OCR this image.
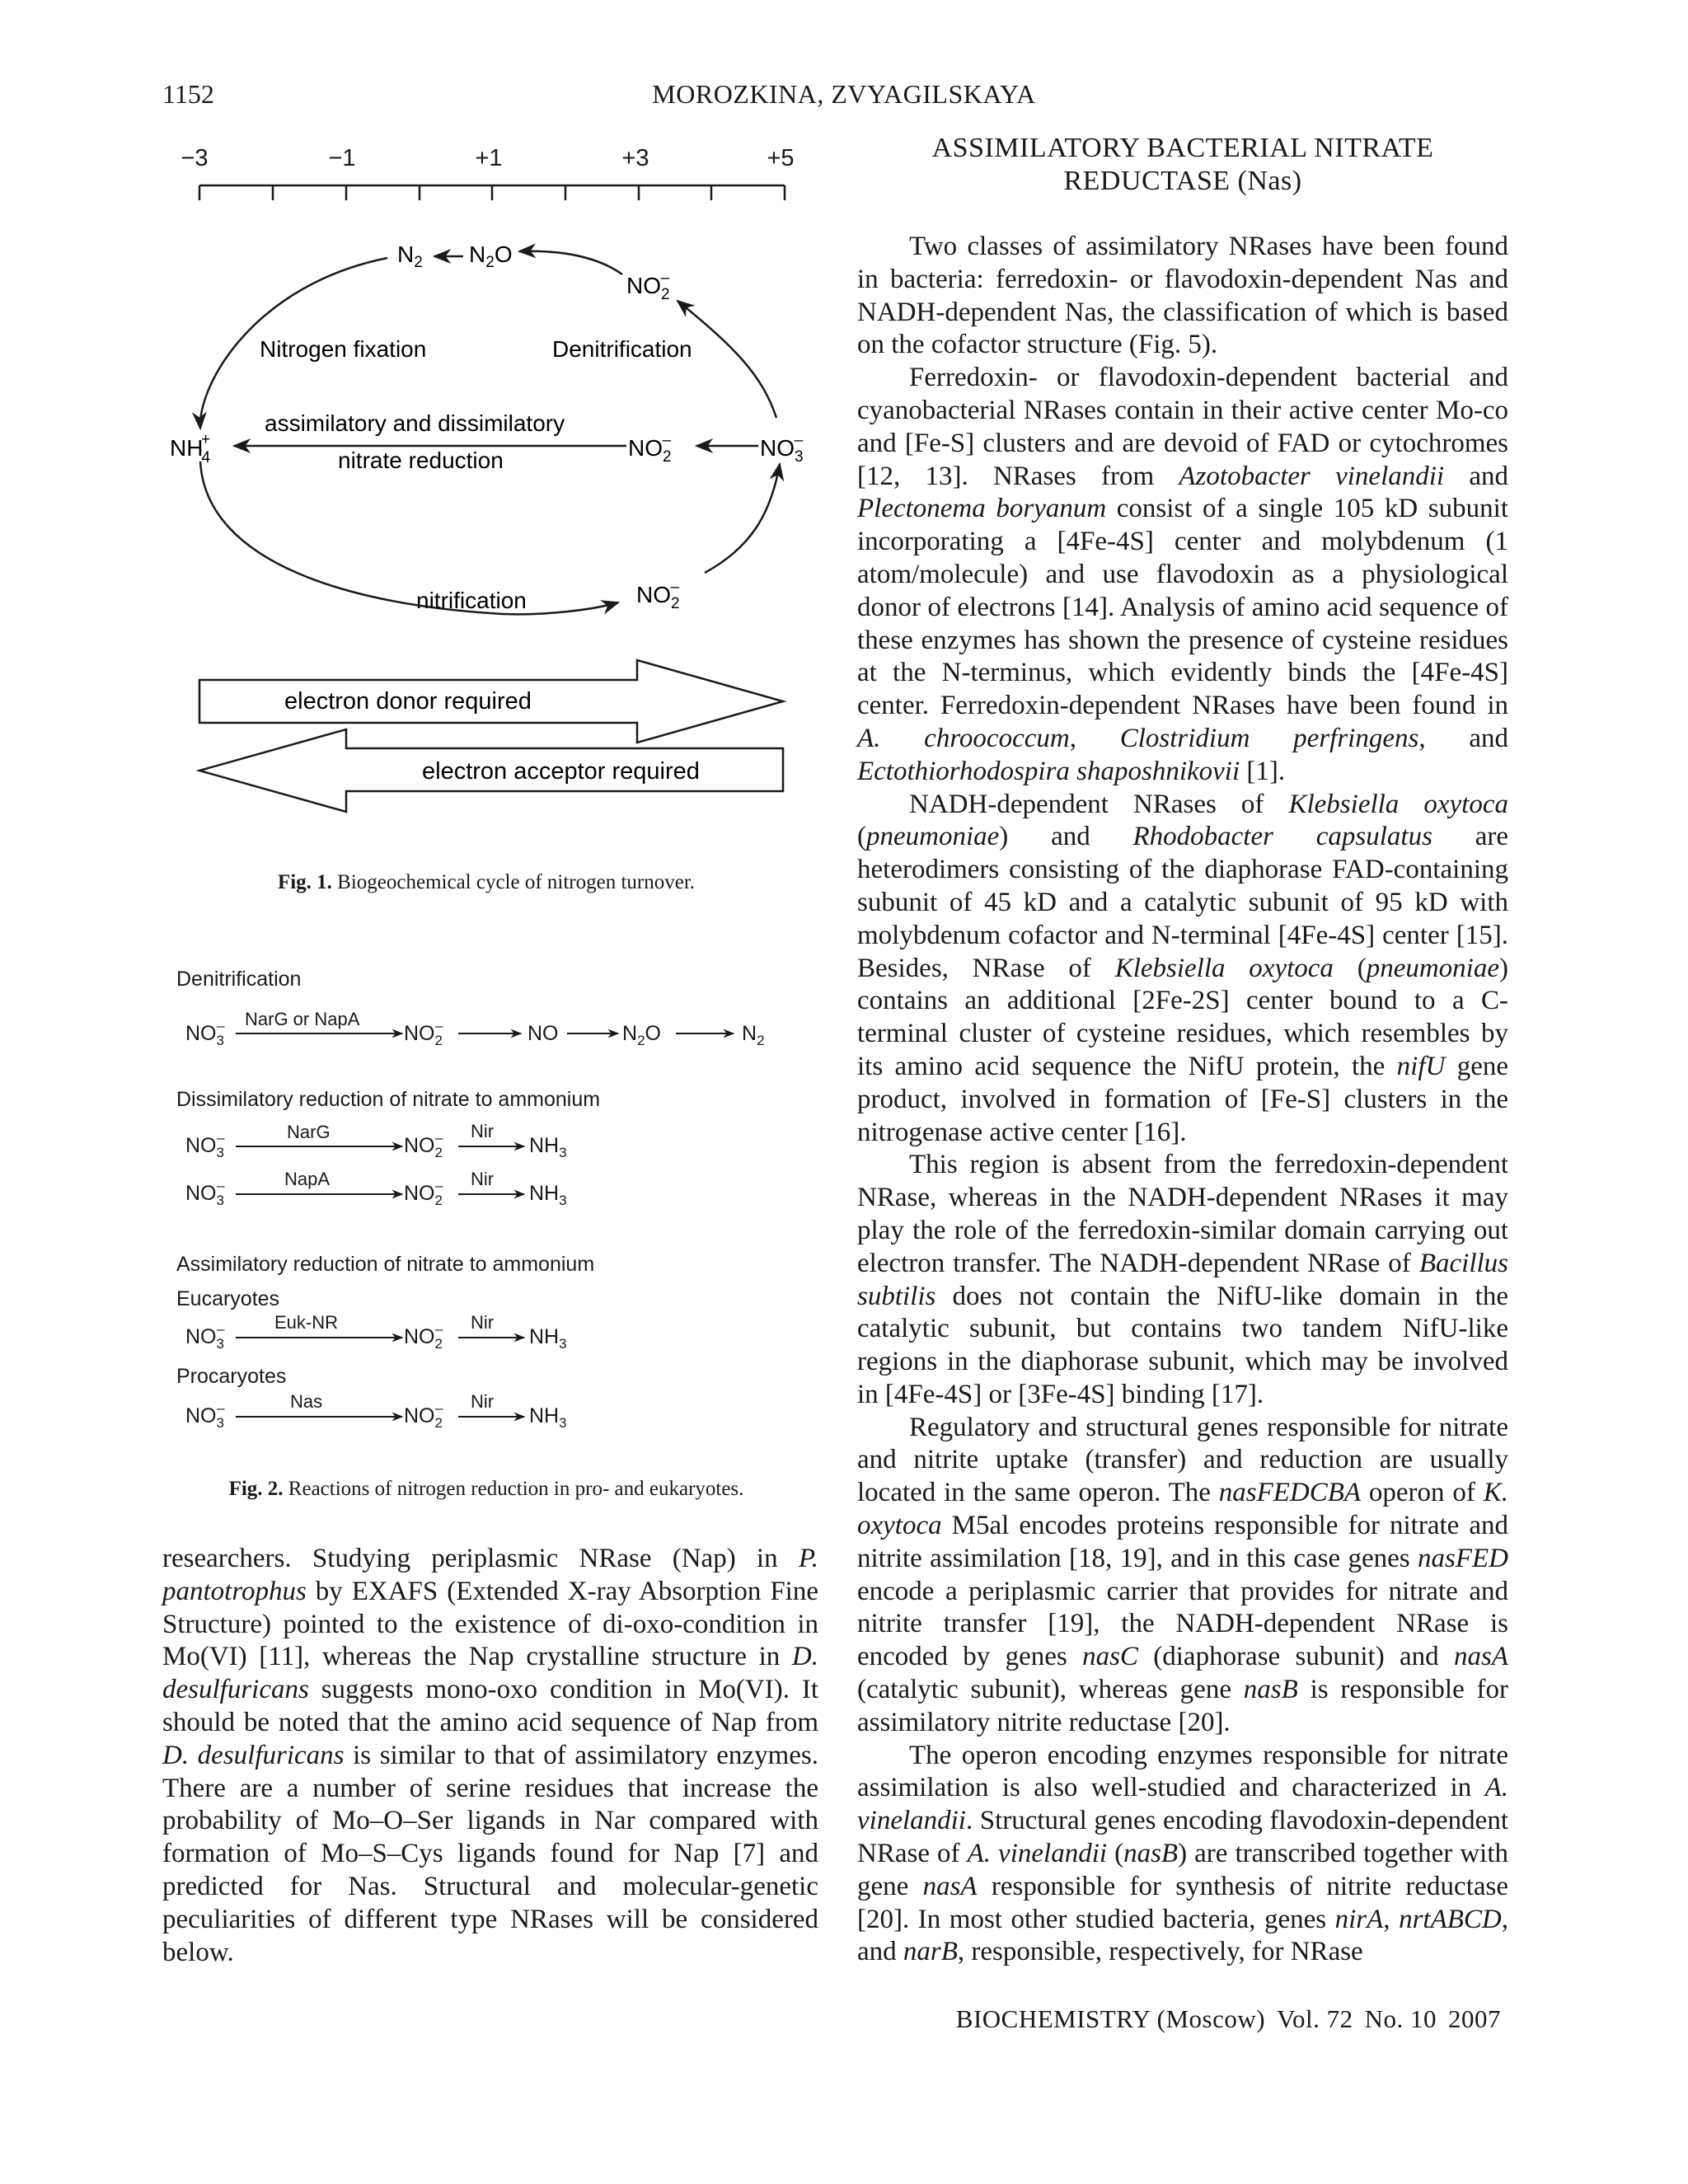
1152	MOROZKINA, ZVYAGILSKAYA
−3	−1	+1	+3	+5
$N_2$ $N_2O$
$NO_2-$
Nitrogen fixation	Denitrification
NH4+
assimilatory and dissimilatory
nitrate reduction	$NO_2-$	$NO_3-$
nitrification	$NO_2-$
electron donor required
electron acceptor required
Fig. 1. Biogeochemical cycle of nitrogen turnover.
Denitrification
$NO_3-$ NarG or NapA
$NO_2-$	NO	$N_2O$	$N_2$
Dissimilatory reduction of nitrate to ammonium
$NO_3-$	NarG
$NO_2-$ Nir
$NH_3$
$NO_3-$	NapA
$NO_2-$ Nir
$NH_3$
Assimilatory reduction of nitrate to ammonium
Eucaryotes
$NO_3-$	Euk-NR
$NO_2-$ Nir
$NH_3$
Procaryotes
$NO_3-$	Nas
$NO_2-$ Nir
$NH_3$
Fig. 2. Reactions of nitrogen reduction in pro- and eukaryotes.

researchers. Studying periplasmic NRase (Nap) in P. pantotrophus by EXAFS (Extended X-ray Absorption Fine Structure) pointed to the existence of di-oxo-condition in Mo(VI) [11], whereas the Nap crystalline structure in D. desulfuricans suggests mono-oxo condition in Mo(VI). It should be noted that the amino acid sequence of Nap from D. desulfuricans is similar to that of assimilatory enzymes. There are a number of serine residues that increase the probability of Mo–O–Ser ligands in Nar compared with formation of Mo–S–Cys ligands found for Nap [7] and predicted for Nas. Structural and molecular-genetic peculiarities of different type NRases will be considered below.

ASSIMILATORY BACTERIAL NITRATE
REDUCTASE (Nas)

Two classes of assimilatory NRases have been found in bacteria: ferredoxin- or flavodoxin-dependent Nas and NADH-dependent Nas, the classification of which is based on the cofactor structure (Fig. 5).

Ferredoxin- or flavodoxin-dependent bacterial and cyanobacterial NRases contain in their active center Mo-co and [Fe-S] clusters and are devoid of FAD or cytochromes [12, 13]. NRases from Azotobacter vinelandii and Plectonema boryanum consist of a single 105 kD subunit incorporating a [4Fe-4S] center and molybdenum (1 atom/molecule) and use flavodoxin as a physiological donor of electrons [14]. Analysis of amino acid sequence of these enzymes has shown the presence of cysteine residues at the N-terminus, which evidently binds the [4Fe-4S] center. Ferredoxin-dependent NRases have been found in A. chroococcum, Clostridium perfringens, and Ectothiorhodospira shaposhnikovii [1].

NADH-dependent NRases of Klebsiella oxytoca (pneumoniae) and Rhodobacter capsulatus are heterodimers consisting of the diaphorase FAD-containing subunit of 45 kD and a catalytic subunit of 95 kD with molybdenum cofactor and N-terminal [4Fe-4S] center [15]. Besides, NRase of Klebsiella oxytoca (pneumoniae) contains an additional [2Fe-2S] center bound to a C-terminal cluster of cysteine residues, which resembles by its amino acid sequence the NifU protein, the nifU gene product, involved in formation of [Fe-S] clusters in the nitrogenase active center [16].

This region is absent from the ferredoxin-dependent NRase, whereas in the NADH-dependent NRases it may play the role of the ferredoxin-similar domain carrying out electron transfer. The NADH-dependent NRase of Bacillus subtilis does not contain the NifU-like domain in the catalytic subunit, but contains two tandem NifU-like regions in the diaphorase subunit, which may be involved in [4Fe-4S] or [3Fe-4S] binding [17].

Regulatory and structural genes responsible for nitrate and nitrite uptake (transfer) and reduction are usually located in the same operon. The nasFEDCBA operon of K. oxytoca M5al encodes proteins responsible for nitrate and nitrite assimilation [18, 19], and in this case genes nasFED encode a periplasmic carrier that provides for nitrate and nitrite transfer [19], the NADH-dependent NRase is encoded by genes nasC (diaphorase subunit) and nasA (catalytic subunit), whereas gene nasB is responsible for assimilatory nitrite reductase [20].

The operon encoding enzymes responsible for nitrate assimilation is also well-studied and characterized in A. vinelandii. Structural genes encoding flavodoxin-dependent NRase of A. vinelandii (nasB) are transcribed together with gene nasA responsible for synthesis of nitrite reductase [20]. In most other studied bacteria, genes nirA, nrtABCD, and narB, responsible, respectively, for NRase

BIOCHEMISTRY (Moscow) Vol. 72 No. 10 2007
